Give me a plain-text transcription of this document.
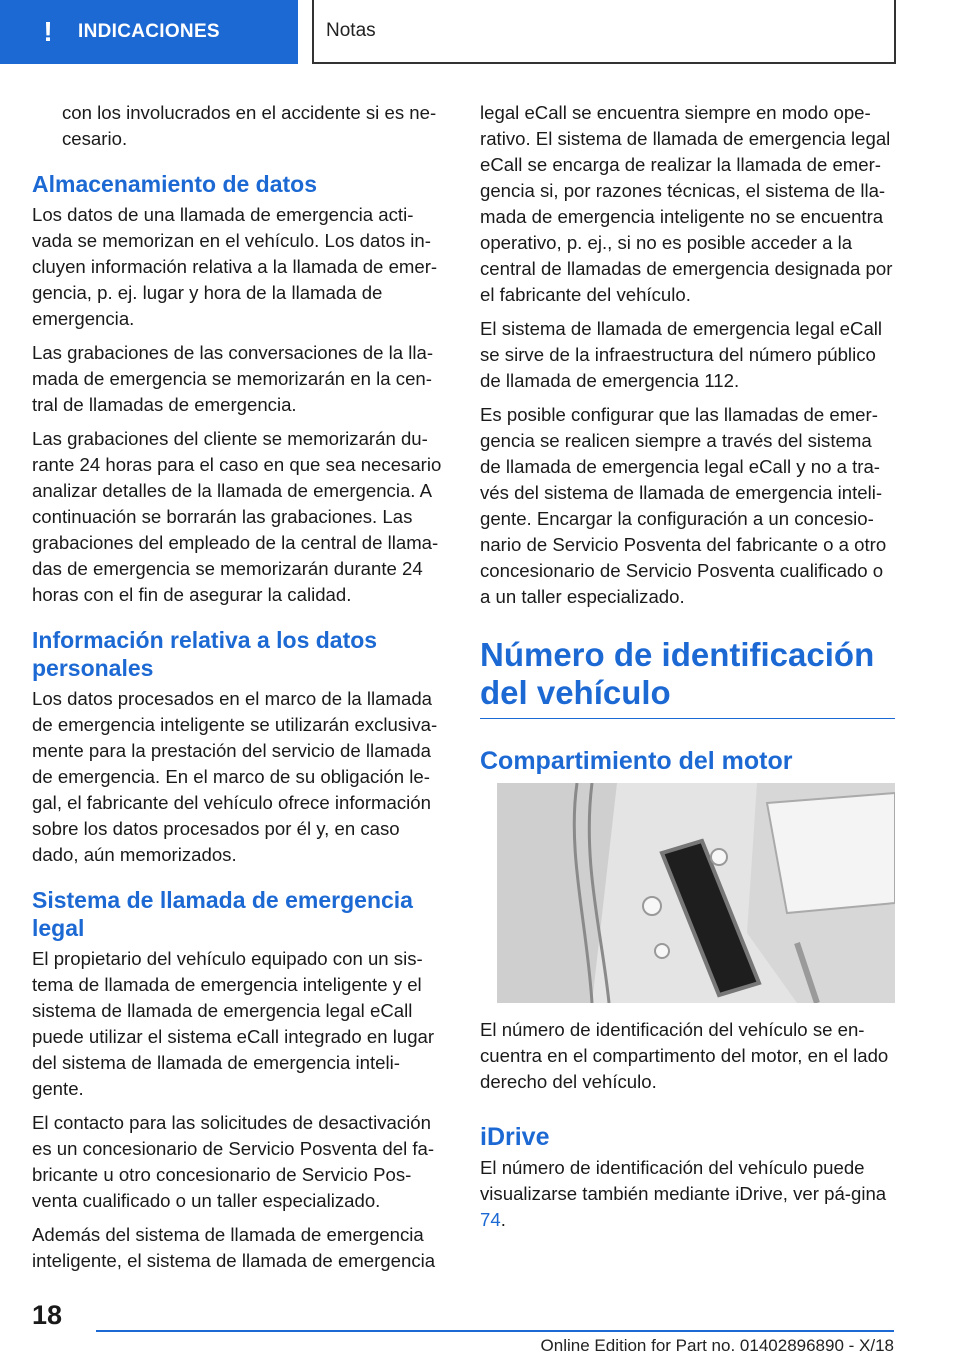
!	INDICACIONES	Notas

con los involucrados en el accidente si es ne‐cesario.

Almacenamiento de datos

Los datos de una llamada de emergencia acti‐vada se memorizan en el vehículo. Los datos in‐cluyen información relativa a la llamada de emer‐gencia, p. ej. lugar y hora de la llamada de emergencia.

Las grabaciones de las conversaciones de la lla‐mada de emergencia se memorizarán en la cen‐tral de llamadas de emergencia.

Las grabaciones del cliente se memorizarán du‐rante 24 horas para el caso en que sea necesario analizar detalles de la llamada de emergencia. A continuación se borrarán las grabaciones. Las grabaciones del empleado de la central de llama‐das de emergencia se memorizarán durante 24 horas con el fin de asegurar la calidad.

Información relativa a los datos personales

Los datos procesados en el marco de la llamada de emergencia inteligente se utilizarán exclusiva‐mente para la prestación del servicio de llamada de emergencia. En el marco de su obligación le‐gal, el fabricante del vehículo ofrece información sobre los datos procesados por él y, en caso dado, aún memorizados.

Sistema de llamada de emergencia legal

El propietario del vehículo equipado con un sis‐tema de llamada de emergencia inteligente y el sistema de llamada de emergencia legal eCall puede utilizar el sistema eCall integrado en lugar del sistema de llamada de emergencia inteli‐gente.

El contacto para las solicitudes de desactivación es un concesionario de Servicio Posventa del fa‐bricante u otro concesionario de Servicio Pos‐venta cualificado o un taller especializado.

Además del sistema de llamada de emergencia inteligente, el sistema de llamada de emergencia

legal eCall se encuentra siempre en modo ope‐rativo. El sistema de llamada de emergencia legal eCall se encarga de realizar la llamada de emer‐gencia si, por razones técnicas, el sistema de lla‐mada de emergencia inteligente no se encuentra operativo, p. ej., si no es posible acceder a la central de llamadas de emergencia designada por el fabricante del vehículo.

El sistema de llamada de emergencia legal eCall se sirve de la infraestructura del número público de llamada de emergencia 112.

Es posible configurar que las llamadas de emer‐gencia se realicen siempre a través del sistema de llamada de emergencia legal eCall y no a tra‐vés del sistema de llamada de emergencia inteli‐gente. Encargar la configuración a un concesio‐nario de Servicio Posventa del fabricante o a otro concesionario de Servicio Posventa cualificado o a un taller especializado.

Número de identificación del vehículo
Compartimiento del motor

El número de identificación del vehículo se en‐cuentra en el compartimento del motor, en el lado derecho del vehículo.

iDrive

El número de identificación del vehículo puede visualizarse también mediante iDrive, ver pá‐gina 74.

18
Online Edition for Part no. 01402896890 - X/18
